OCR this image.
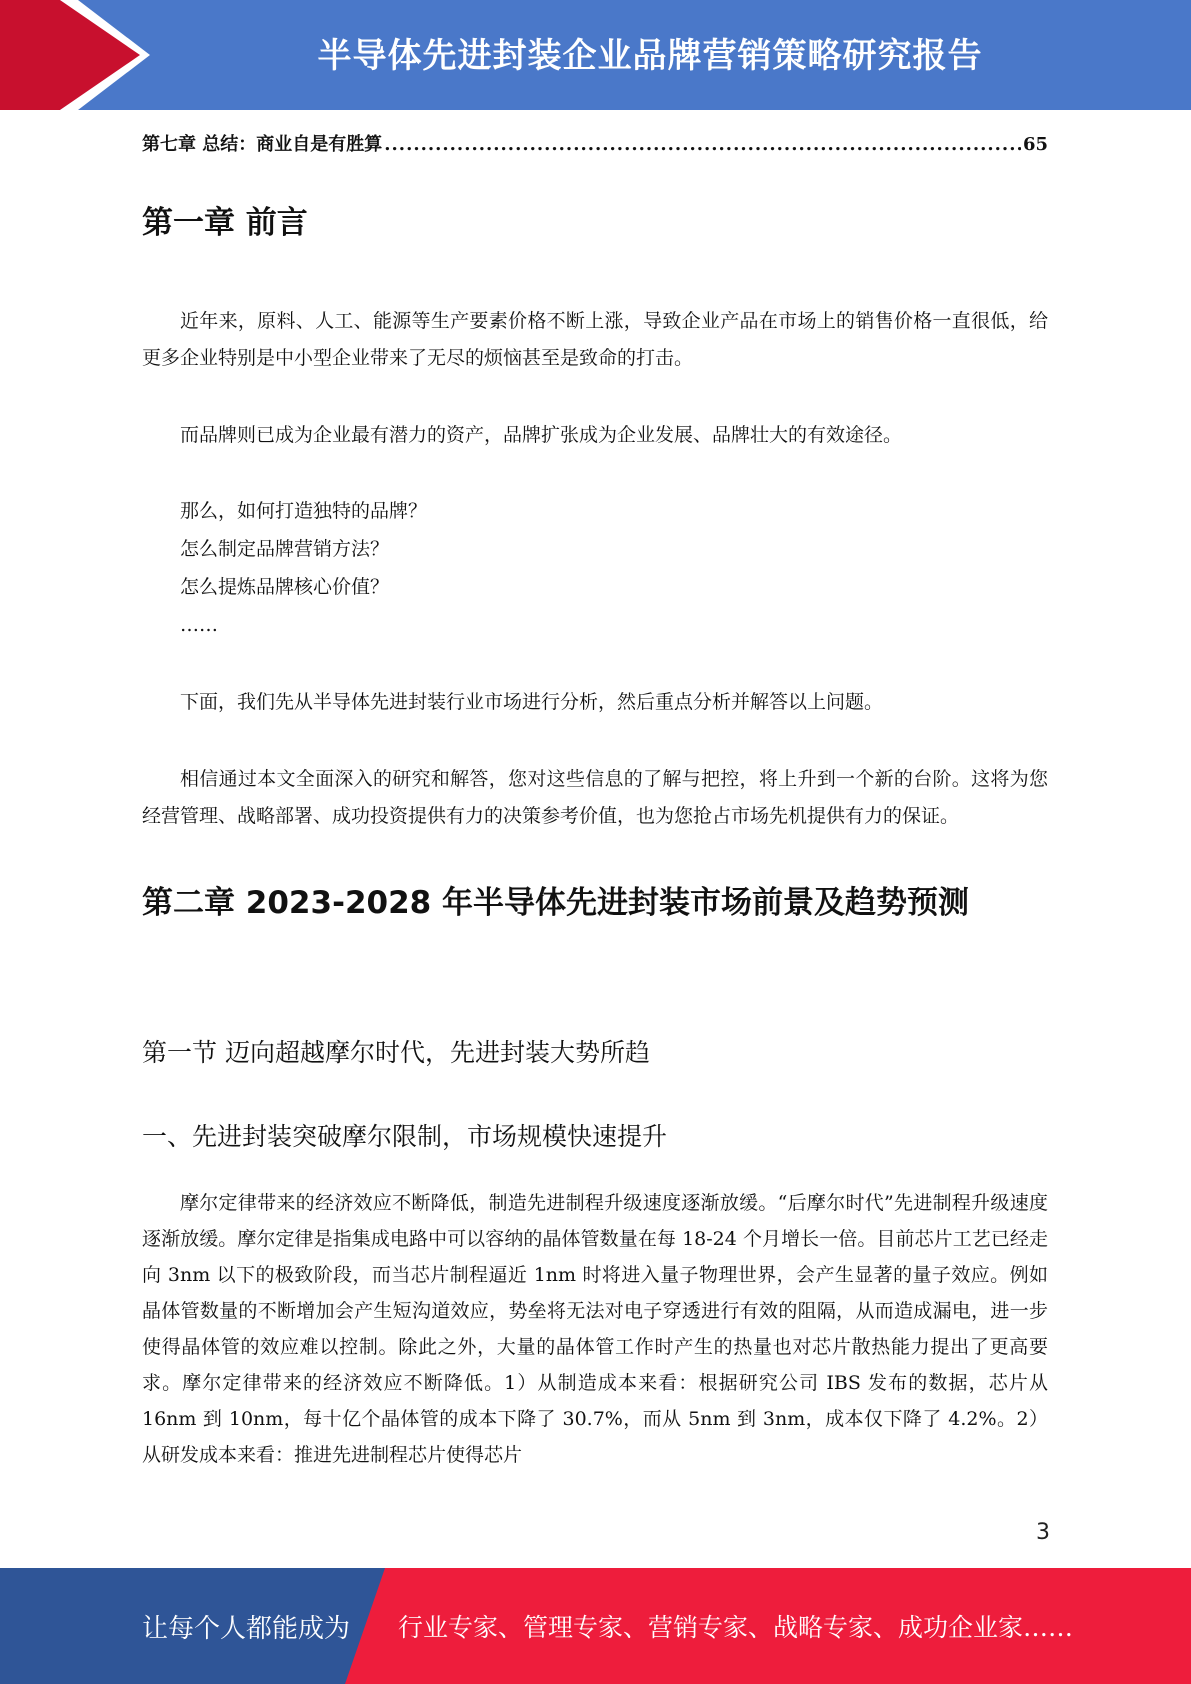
半导体先进封装企业品牌营销策略研究报告
第七章 总结：商业自是有胜算
.....	65
第一章 前言

近年来，原料、人工、能源等生产要素价格不断上涨，导致企业产品在市场上的销售价格一直很低，给更多企业特别是中小型企业带来了无尽的烦恼甚至是致命的打击。

而品牌则已成为企业最有潜力的资产，品牌扩张成为企业发展、品牌壮大的有效途径。

那么，如何打造独特的品牌？
怎么制定品牌营销方法？
怎么提炼品牌核心价值？
……

下面，我们先从半导体先进封装行业市场进行分析，然后重点分析并解答以上问题。

相信通过本文全面深入的研究和解答，您对这些信息的了解与把控，将上升到一个新的台阶。这将为您经营管理、战略部署、成功投资提供有力的决策参考价值，也为您抢占市场先机提供有力的保证。

第二章 2023-2028 年半导体先进封装市场前景及趋势预测
第一节 迈向超越摩尔时代，先进封装大势所趋
一、先进封装突破摩尔限制，市场规模快速提升

摩尔定律带来的经济效应不断降低，制造先进制程升级速度逐渐放缓。“后摩尔时代”先进制程升级速度逐渐放缓。摩尔定律是指集成电路中可以容纳的晶体管数量在每 18-24 个月增长一倍。目前芯片工艺已经走向 3nm 以下的极致阶段，而当芯片制程逼近 1nm 时将进入量子物理世界，会产生显著的量子效应。例如晶体管数量的不断增加会产生短沟道效应，势垒将无法对电子穿透进行有效的阻隔，从而造成漏电，进一步使得晶体管的效应难以控制。除此之外，大量的晶体管工作时产生的热量也对芯片散热能力提出了更高要求。摩尔定律带来的经济效应不断降低。1）从制造成本来看：根据研究公司 IBS 发布的数据，芯片从 16nm 到 10nm，每十亿个晶体管的成本下降了 30.7%，而从 5nm 到 3nm，成本仅下降了 4.2%。2）从研发成本来看：推进先进制程芯片使得芯片

3
让每个人都能成为 行业专家、管理专家、营销专家、战略专家、成功企业家……
